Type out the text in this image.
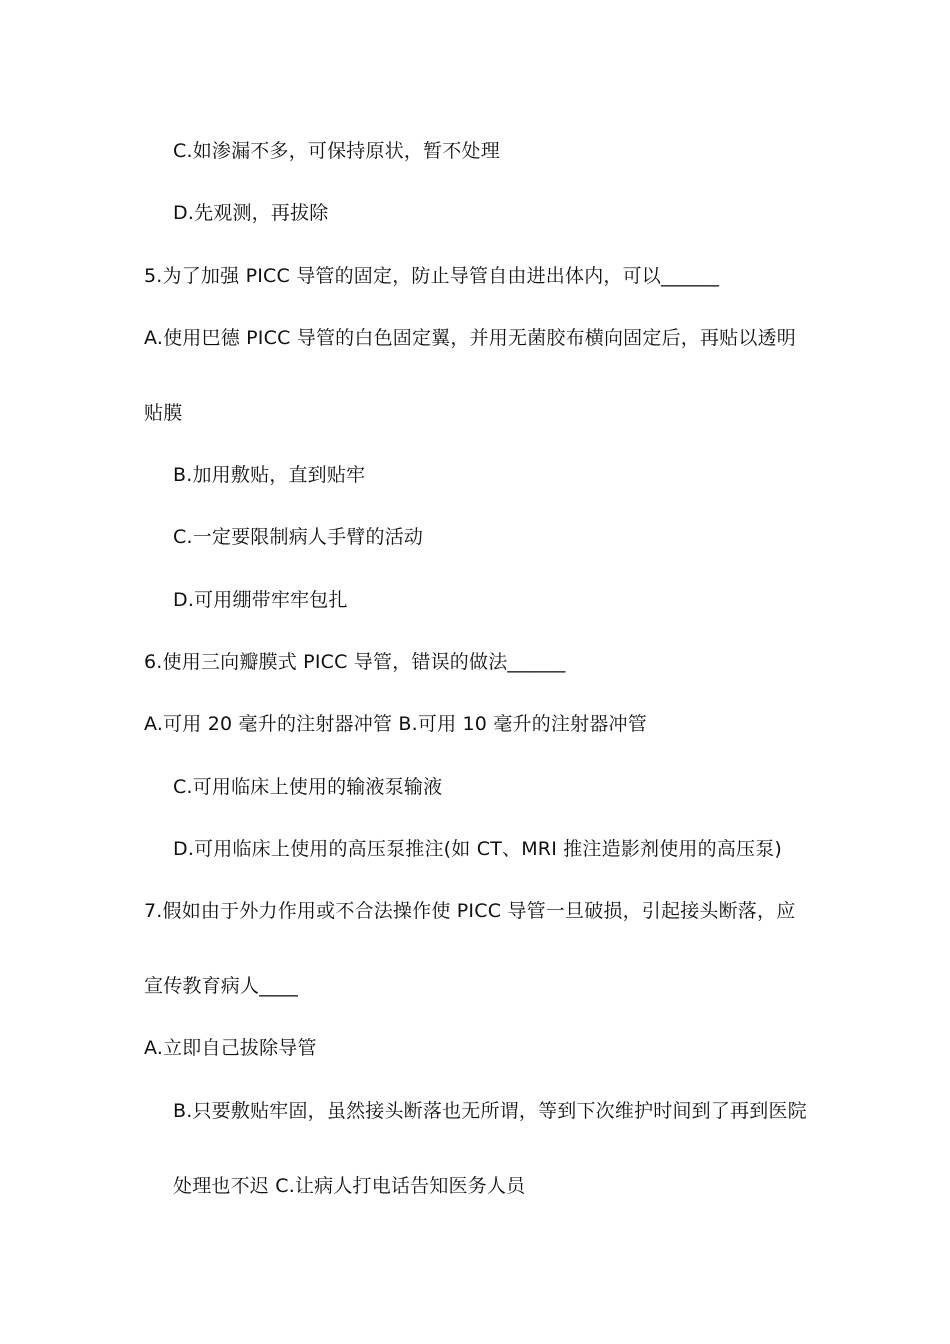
C.如渗漏不多，可保持原状，暂不处理
D.先观测，再拔除
5.为了加强 PICC 导管的固定，防止导管自由进出体内，可以______
A.使用巴德 PICC 导管的白色固定翼，并用无菌胶布横向固定后，再贴以透明
贴膜
B.加用敷贴，直到贴牢
C.一定要限制病人手臂的活动
D.可用绷带牢牢包扎
6.使用三向瓣膜式 PICC 导管，错误的做法______
A.可用 20 毫升的注射器冲管 B.可用 10 毫升的注射器冲管
C.可用临床上使用的输液泵输液
D.可用临床上使用的高压泵推注(如 CT、MRI 推注造影剂使用的高压泵)
7.假如由于外力作用或不合法操作使 PICC 导管一旦破损，引起接头断落，应
宣传教育病人____
A.立即自己拔除导管
B.只要敷贴牢固，虽然接头断落也无所谓，等到下次维护时间到了再到医院
处理也不迟 C.让病人打电话告知医务人员
